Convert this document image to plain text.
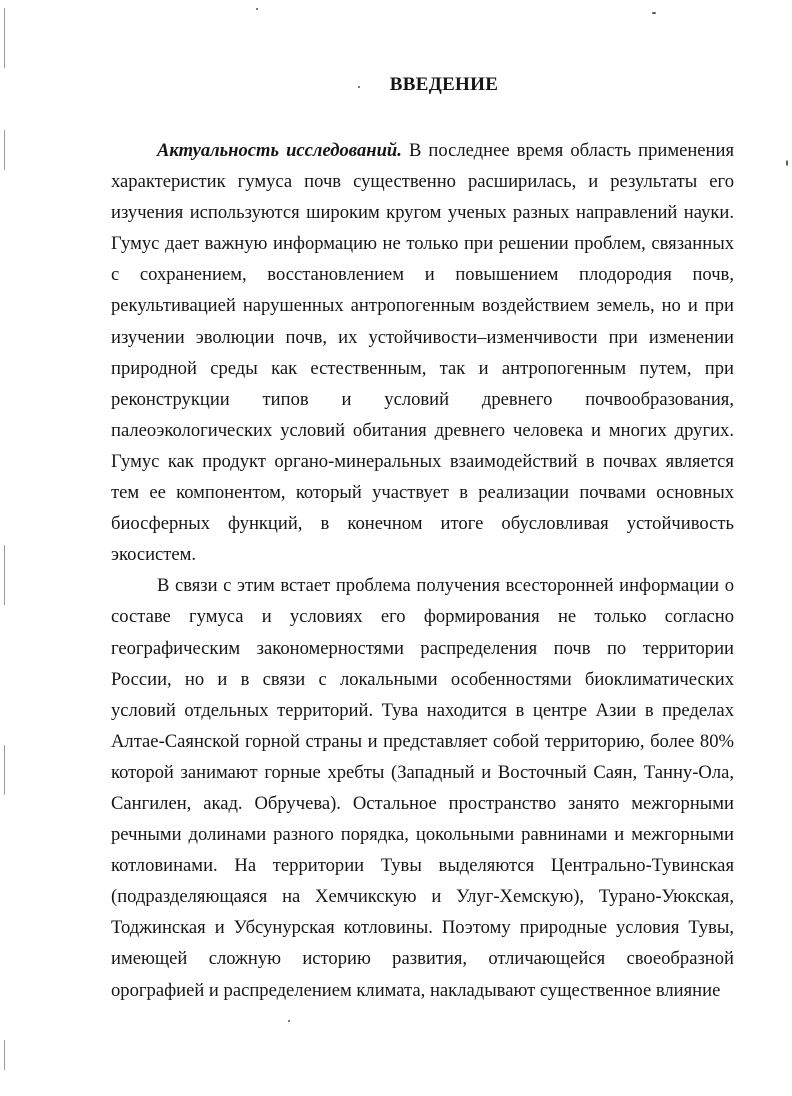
ВВЕДЕНИЕ

Актуальность исследований. В последнее время область применения характеристик гумуса почв существенно расширилась, и результаты его изучения используются широким кругом ученых разных направлений науки. Гумус дает важную информацию не только при решении проблем, связанных с сохранением, восстановлением и повышением плодородия почв, рекультивацией нарушенных антропогенным воздействием земель, но и при изучении эволюции почв, их устойчивости–изменчивости при изменении природной среды как естественным, так и антропогенным путем, при реконструкции типов и условий древнего почвообразования, палеоэкологических условий обитания древнего человека и многих других. Гумус как продукт органо-минеральных взаимодействий в почвах является тем ее компонентом, который участвует в реализации почвами основных биосферных функций, в конечном итоге обусловливая устойчивость экосистем.

В связи с этим встает проблема получения всесторонней информации о составе гумуса и условиях его формирования не только согласно географическим закономерностями распределения почв по территории России, но и в связи с локальными особенностями биоклиматических условий отдельных территорий. Тува находится в центре Азии в пределах Алтае-Саянской горной страны и представляет собой территорию, более 80% которой занимают горные хребты (Западный и Восточный Саян, Танну-Ола, Сангилен, акад. Обручева). Остальное пространство занято межгорными речными долинами разного порядка, цокольными равнинами и межгорными котловинами. На территории Тувы выделяются Центрально-Тувинская (подразделяющаяся на Хемчикскую и Улуг-Хемскую), Турано-Уюкская, Тоджинская и Убсунурская котловины. Поэтому природные условия Тувы, имеющей сложную историю развития, отличающейся своеобразной орографией и распределением климата, накладывают существенное влияние
